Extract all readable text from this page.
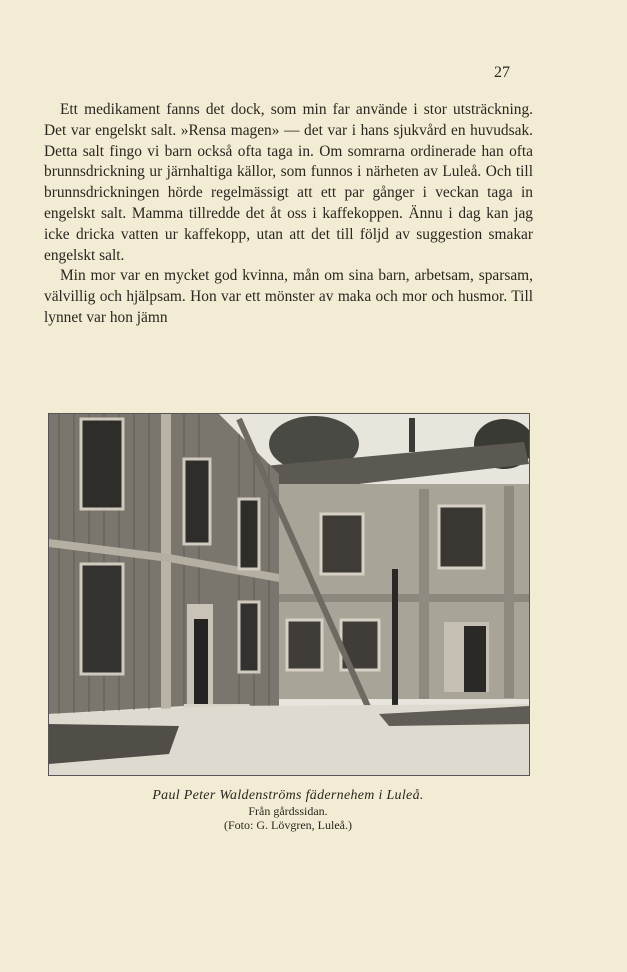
27

Ett medikament fanns det dock, som min far använde i stor utsträckning. Det var engelskt salt. »Rensa magen» — det var i hans sjukvård en huvudsak. Detta salt fingo vi barn också ofta taga in. Om somrarna ordinerade han ofta brunnsdrickning ur järnhaltiga källor, som funnos i närheten av Luleå. Och till brunnsdrickningen hörde regelmässigt att ett par gånger i veckan taga in engelskt salt. Mamma tillredde det åt oss i kaffekoppen. Ännu i dag kan jag icke dricka vatten ur kaffekopp, utan att det till följd av suggestion smakar engelskt salt.

Min mor var en mycket god kvinna, mån om sina barn, arbetsam, sparsam, välvillig och hjälpsam. Hon var ett mönster av maka och mor och husmor. Till lynnet var hon jämn

Paul Peter Waldenströms fädernehem i Luleå.
Från gårdssidan.
(Foto: G. Lövgren, Luleå.)
